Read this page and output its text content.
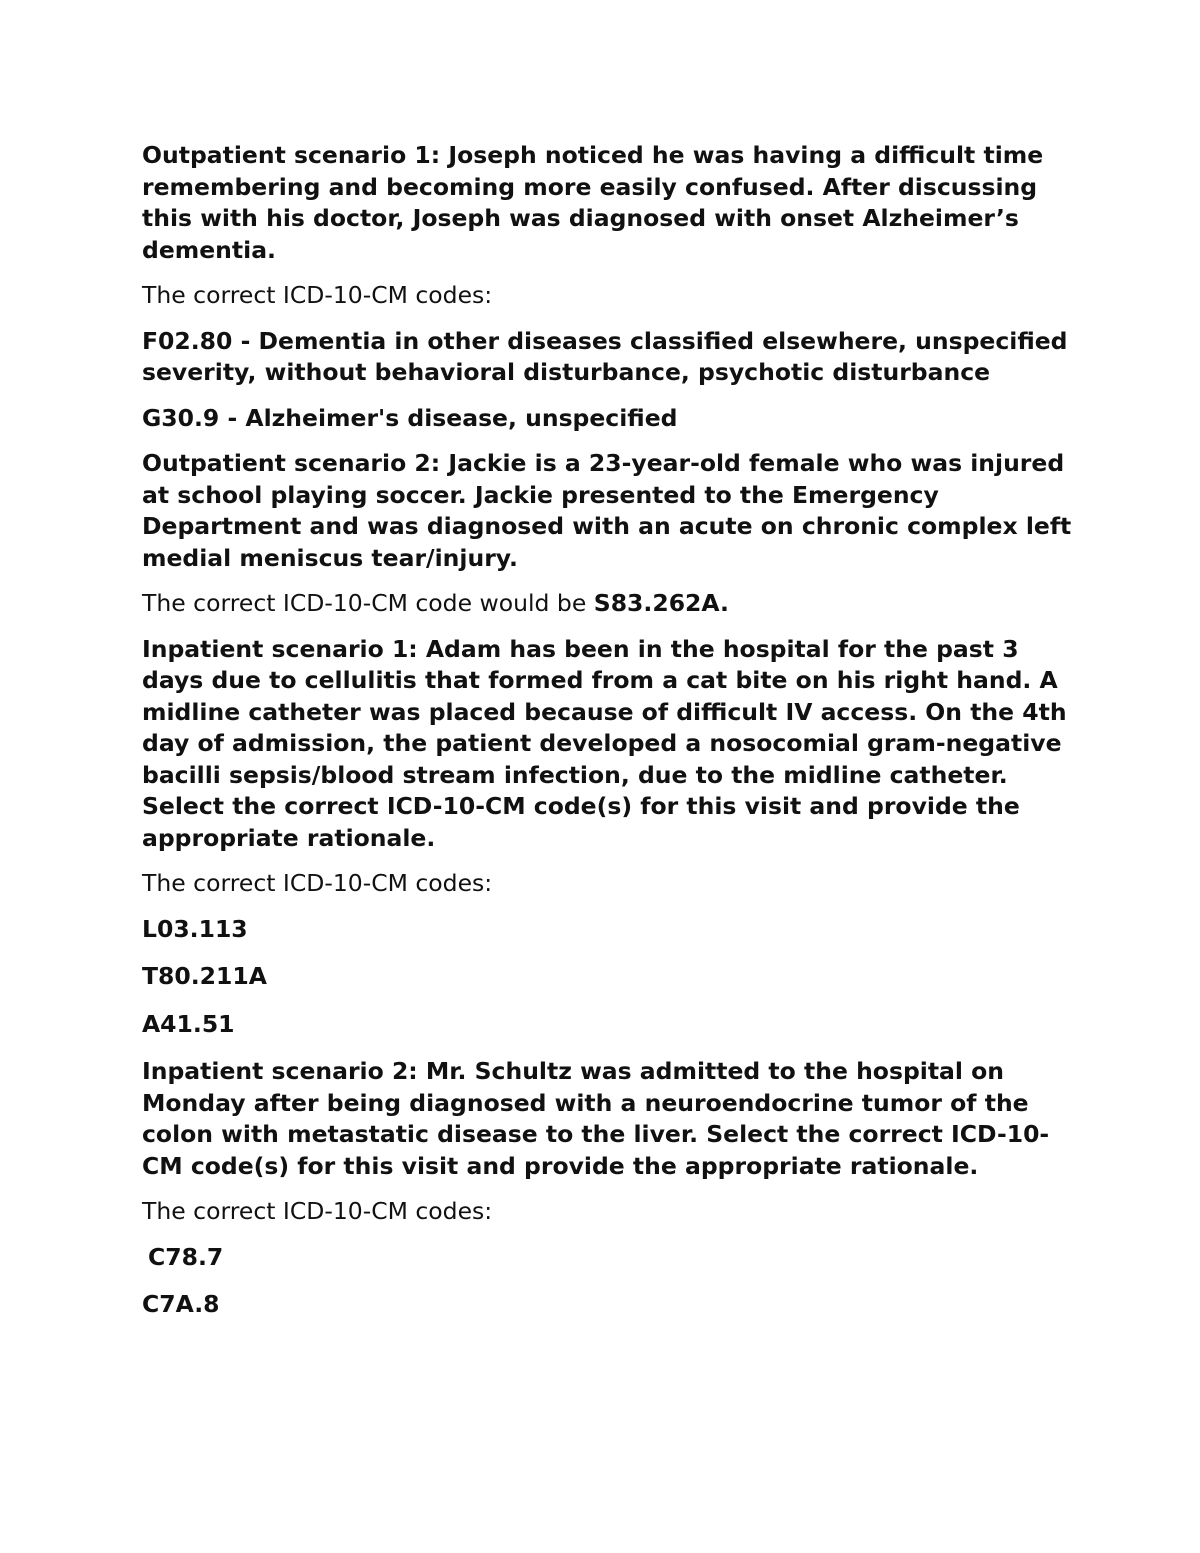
Outpatient scenario 1: Joseph noticed he was having a difficult time remembering and becoming more easily confused. After discussing this with his doctor, Joseph was diagnosed with onset Alzheimer’s dementia.

The correct ICD-10-CM codes:

F02.80 - Dementia in other diseases classified elsewhere, unspecified severity, without behavioral disturbance, psychotic disturbance

G30.9 - Alzheimer's disease, unspecified

Outpatient scenario 2: Jackie is a 23-year-old female who was injured at school playing soccer. Jackie presented to the Emergency Department and was diagnosed with an acute on chronic complex left medial meniscus tear/injury.

The correct ICD-10-CM code would be S83.262A.

Inpatient scenario 1: Adam has been in the hospital for the past 3 days due to cellulitis that formed from a cat bite on his right hand. A midline catheter was placed because of difficult IV access. On the 4th day of admission, the patient developed a nosocomial gram-negative bacilli sepsis/blood stream infection, due to the midline catheter. Select the correct ICD-10-CM code(s) for this visit and provide the appropriate rationale.

The correct ICD-10-CM codes:

L03.113

T80.211A

A41.51

Inpatient scenario 2: Mr. Schultz was admitted to the hospital on Monday after being diagnosed with a neuroendocrine tumor of the colon with metastatic disease to the liver. Select the correct ICD-10-CM code(s) for this visit and provide the appropriate rationale.

The correct ICD-10-CM codes:

C78.7

C7A.8
